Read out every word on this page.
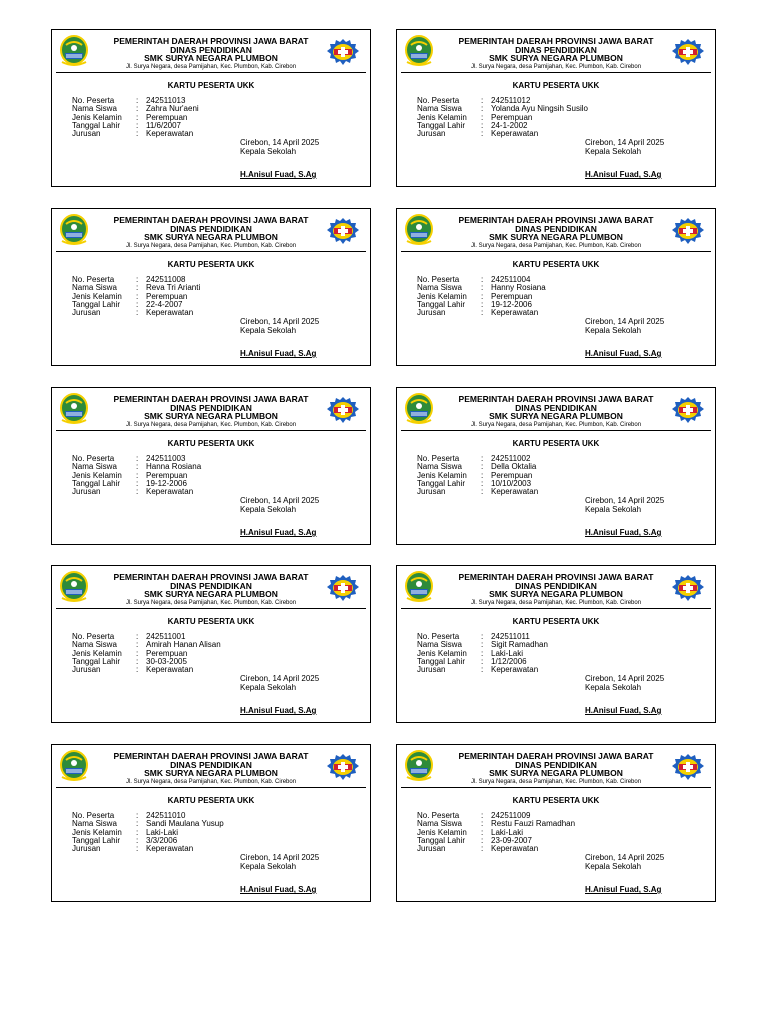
PEMERINTAH DAERAH PROVINSI JAWA BARAT
DINAS PENDIDIKAN
SMK SURYA NEGARA PLUMBON
Jl. Surya Negara, desa Pamijahan, Kec. Plumbon, Kab. Cirebon
KARTU PESERTA UKK
No. Peserta	: 242511013
Nama Siswa	: Zahra Nur'aeni
Jenis Kelamin	: Perempuan
Tanggal Lahir	: 11/6/2007
Jurusan	: Keperawatan
Cirebon, 14 April 2025
Kepala Sekolah
H.Anisul Fuad, S.Ag
PEMERINTAH DAERAH PROVINSI JAWA BARAT
DINAS PENDIDIKAN
SMK SURYA NEGARA PLUMBON
Jl. Surya Negara, desa Pamijahan, Kec. Plumbon, Kab. Cirebon
KARTU PESERTA UKK
No. Peserta	: 242511012
Nama Siswa	: Yolanda Ayu Ningsih Susilo
Jenis Kelamin	: Perempuan
Tanggal Lahir	: 24-1-2002
Jurusan	: Keperawatan
Cirebon, 14 April 2025
Kepala Sekolah
H.Anisul Fuad, S.Ag
PEMERINTAH DAERAH PROVINSI JAWA BARAT
DINAS PENDIDIKAN
SMK SURYA NEGARA PLUMBON
Jl. Surya Negara, desa Pamijahan, Kec. Plumbon, Kab. Cirebon
KARTU PESERTA UKK
No. Peserta	: 242511008
Nama Siswa	: Reva Tri Arianti
Jenis Kelamin	: Perempuan
Tanggal Lahir	: 22-4-2007
Jurusan	: Keperawatan
Cirebon, 14 April 2025
Kepala Sekolah
H.Anisul Fuad, S.Ag
PEMERINTAH DAERAH PROVINSI JAWA BARAT
DINAS PENDIDIKAN
SMK SURYA NEGARA PLUMBON
Jl. Surya Negara, desa Pamijahan, Kec. Plumbon, Kab. Cirebon
KARTU PESERTA UKK
No. Peserta	: 242511004
Nama Siswa	: Hanny Rosiana
Jenis Kelamin	: Perempuan
Tanggal Lahir	: 19-12-2006
Jurusan	: Keperawatan
Cirebon, 14 April 2025
Kepala Sekolah
H.Anisul Fuad, S.Ag
PEMERINTAH DAERAH PROVINSI JAWA BARAT
DINAS PENDIDIKAN
SMK SURYA NEGARA PLUMBON
Jl. Surya Negara, desa Pamijahan, Kec. Plumbon, Kab. Cirebon
KARTU PESERTA UKK
No. Peserta	: 242511003
Nama Siswa	: Hanna Rosiana
Jenis Kelamin	: Perempuan
Tanggal Lahir	: 19-12-2006
Jurusan	: Keperawatan
Cirebon, 14 April 2025
Kepala Sekolah
H.Anisul Fuad, S.Ag
PEMERINTAH DAERAH PROVINSI JAWA BARAT
DINAS PENDIDIKAN
SMK SURYA NEGARA PLUMBON
Jl. Surya Negara, desa Pamijahan, Kec. Plumbon, Kab. Cirebon
KARTU PESERTA UKK
No. Peserta	: 242511002
Nama Siswa	: Della Oktalia
Jenis Kelamin	: Perempuan
Tanggal Lahir	: 10/10/2003
Jurusan	: Keperawatan
Cirebon, 14 April 2025
Kepala Sekolah
H.Anisul Fuad, S.Ag
PEMERINTAH DAERAH PROVINSI JAWA BARAT
DINAS PENDIDIKAN
SMK SURYA NEGARA PLUMBON
Jl. Surya Negara, desa Pamijahan, Kec. Plumbon, Kab. Cirebon
KARTU PESERTA UKK
No. Peserta	: 242511001
Nama Siswa	: Amirah Hanan Alisan
Jenis Kelamin	: Perempuan
Tanggal Lahir	: 30-03-2005
Jurusan	: Keperawatan
Cirebon, 14 April 2025
Kepala Sekolah
H.Anisul Fuad, S.Ag
PEMERINTAH DAERAH PROVINSI JAWA BARAT
DINAS PENDIDIKAN
SMK SURYA NEGARA PLUMBON
Jl. Surya Negara, desa Pamijahan, Kec. Plumbon, Kab. Cirebon
KARTU PESERTA UKK
No. Peserta	: 242511011
Nama Siswa	: Sigit Ramadhan
Jenis Kelamin	: Laki-Laki
Tanggal Lahir	: 1/12/2006
Jurusan	: Keperawatan
Cirebon, 14 April 2025
Kepala Sekolah
H.Anisul Fuad, S.Ag
PEMERINTAH DAERAH PROVINSI JAWA BARAT
DINAS PENDIDIKAN
SMK SURYA NEGARA PLUMBON
Jl. Surya Negara, desa Pamijahan, Kec. Plumbon, Kab. Cirebon
KARTU PESERTA UKK
No. Peserta	: 242511010
Nama Siswa	: Sandi Maulana Yusup
Jenis Kelamin	: Laki-Laki
Tanggal Lahir	: 3/3/2006
Jurusan	: Keperawatan
Cirebon, 14 April 2025
Kepala Sekolah
H.Anisul Fuad, S.Ag
PEMERINTAH DAERAH PROVINSI JAWA BARAT
DINAS PENDIDIKAN
SMK SURYA NEGARA PLUMBON
Jl. Surya Negara, desa Pamijahan, Kec. Plumbon, Kab. Cirebon
KARTU PESERTA UKK
No. Peserta	: 242511009
Nama Siswa	: Restu Fauzi Ramadhan
Jenis Kelamin	: Laki-Laki
Tanggal Lahir	: 23-09-2007
Jurusan	: Keperawatan
Cirebon, 14 April 2025
Kepala Sekolah
H.Anisul Fuad, S.Ag
